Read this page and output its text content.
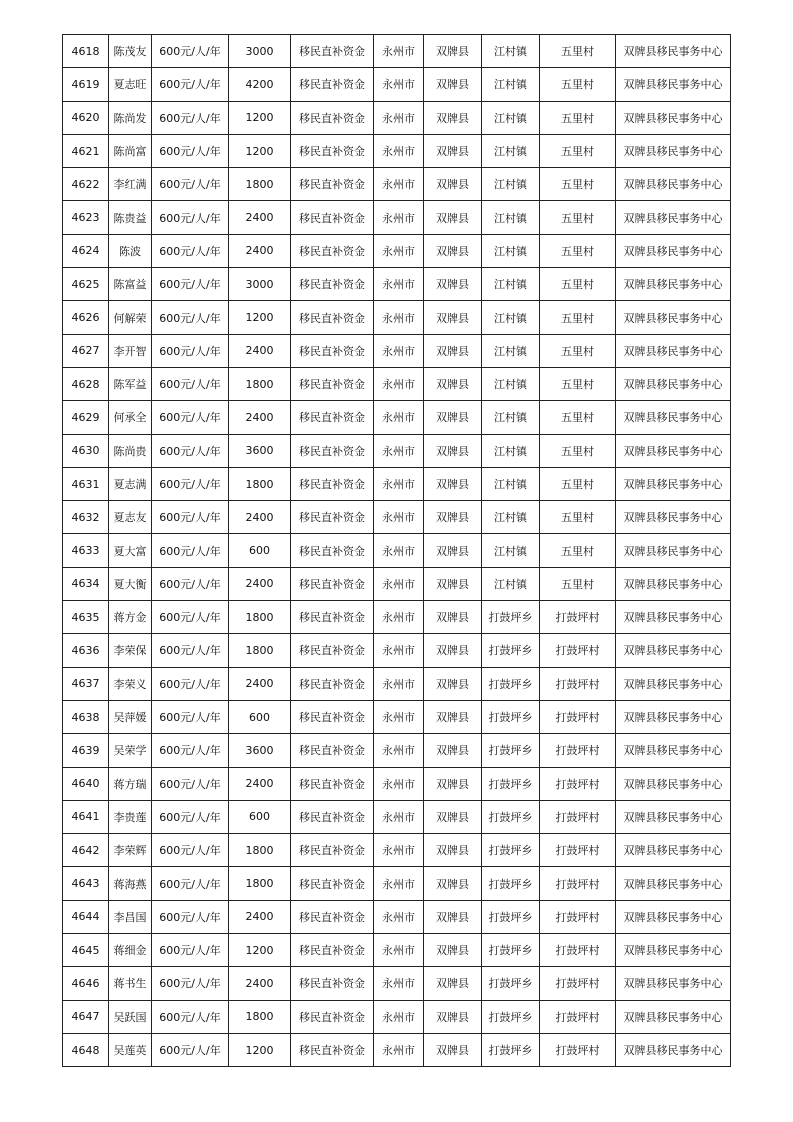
4618	陈茂友	600元/人/年	3000	移民直补资金	永州市	双牌县	江村镇	五里村	双牌县移民事务中心
4619	夏志旺	600元/人/年	4200	移民直补资金	永州市	双牌县	江村镇	五里村	双牌县移民事务中心
4620	陈尚发	600元/人/年	1200	移民直补资金	永州市	双牌县	江村镇	五里村	双牌县移民事务中心
4621	陈尚富	600元/人/年	1200	移民直补资金	永州市	双牌县	江村镇	五里村	双牌县移民事务中心
4622	李红满	600元/人/年	1800	移民直补资金	永州市	双牌县	江村镇	五里村	双牌县移民事务中心
4623	陈贵益	600元/人/年	2400	移民直补资金	永州市	双牌县	江村镇	五里村	双牌县移民事务中心
4624	陈波	600元/人/年	2400	移民直补资金	永州市	双牌县	江村镇	五里村	双牌县移民事务中心
4625	陈富益	600元/人/年	3000	移民直补资金	永州市	双牌县	江村镇	五里村	双牌县移民事务中心
4626	何解荣	600元/人/年	1200	移民直补资金	永州市	双牌县	江村镇	五里村	双牌县移民事务中心
4627	李开智	600元/人/年	2400	移民直补资金	永州市	双牌县	江村镇	五里村	双牌县移民事务中心
4628	陈军益	600元/人/年	1800	移民直补资金	永州市	双牌县	江村镇	五里村	双牌县移民事务中心
4629	何承全	600元/人/年	2400	移民直补资金	永州市	双牌县	江村镇	五里村	双牌县移民事务中心
4630	陈尚贵	600元/人/年	3600	移民直补资金	永州市	双牌县	江村镇	五里村	双牌县移民事务中心
4631	夏志满	600元/人/年	1800	移民直补资金	永州市	双牌县	江村镇	五里村	双牌县移民事务中心
4632	夏志友	600元/人/年	2400	移民直补资金	永州市	双牌县	江村镇	五里村	双牌县移民事务中心
4633	夏大富	600元/人/年	600	移民直补资金	永州市	双牌县	江村镇	五里村	双牌县移民事务中心
4634	夏大衡	600元/人/年	2400	移民直补资金	永州市	双牌县	江村镇	五里村	双牌县移民事务中心
4635	蒋方金	600元/人/年	1800	移民直补资金	永州市	双牌县	打鼓坪乡	打鼓坪村	双牌县移民事务中心
4636	李荣保	600元/人/年	1800	移民直补资金	永州市	双牌县	打鼓坪乡	打鼓坪村	双牌县移民事务中心
4637	李荣义	600元/人/年	2400	移民直补资金	永州市	双牌县	打鼓坪乡	打鼓坪村	双牌县移民事务中心
4638	吴萍媛	600元/人/年	600	移民直补资金	永州市	双牌县	打鼓坪乡	打鼓坪村	双牌县移民事务中心
4639	吴荣学	600元/人/年	3600	移民直补资金	永州市	双牌县	打鼓坪乡	打鼓坪村	双牌县移民事务中心
4640	蒋方瑞	600元/人/年	2400	移民直补资金	永州市	双牌县	打鼓坪乡	打鼓坪村	双牌县移民事务中心
4641	李贵莲	600元/人/年	600	移民直补资金	永州市	双牌县	打鼓坪乡	打鼓坪村	双牌县移民事务中心
4642	李荣辉	600元/人/年	1800	移民直补资金	永州市	双牌县	打鼓坪乡	打鼓坪村	双牌县移民事务中心
4643	蒋海燕	600元/人/年	1800	移民直补资金	永州市	双牌县	打鼓坪乡	打鼓坪村	双牌县移民事务中心
4644	李昌国	600元/人/年	2400	移民直补资金	永州市	双牌县	打鼓坪乡	打鼓坪村	双牌县移民事务中心
4645	蒋细金	600元/人/年	1200	移民直补资金	永州市	双牌县	打鼓坪乡	打鼓坪村	双牌县移民事务中心
4646	蒋书生	600元/人/年	2400	移民直补资金	永州市	双牌县	打鼓坪乡	打鼓坪村	双牌县移民事务中心
4647	吴跃国	600元/人/年	1800	移民直补资金	永州市	双牌县	打鼓坪乡	打鼓坪村	双牌县移民事务中心
4648	吴莲英	600元/人/年	1200	移民直补资金	永州市	双牌县	打鼓坪乡	打鼓坪村	双牌县移民事务中心
